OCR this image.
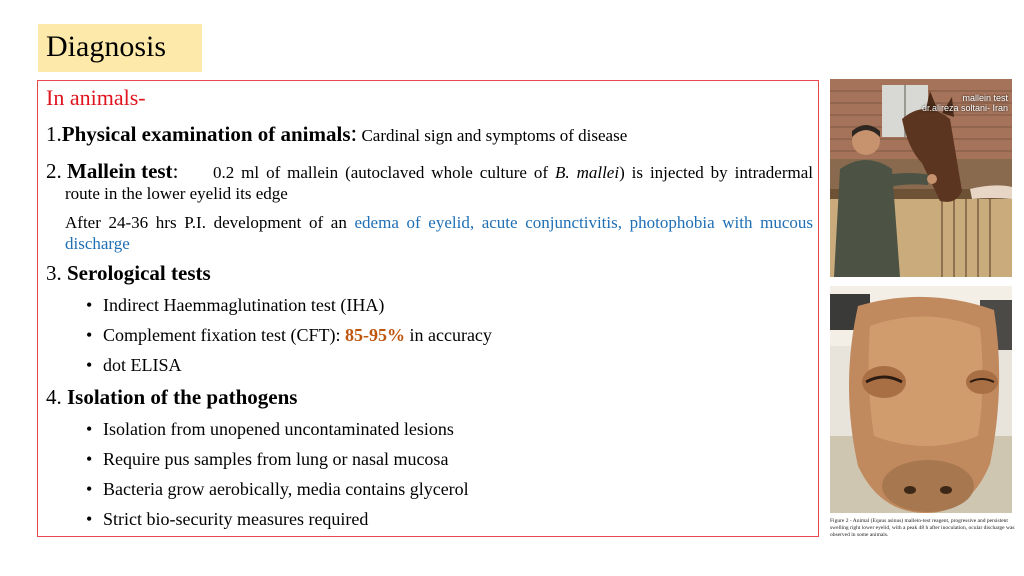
Diagnosis
In animals-
1.Physical examination of animals: Cardinal sign and symptoms of disease
2. Mallein test:	0.2 ml of mallein (autoclaved whole culture of B. mallei) is injected by intradermal route in the lower eyelid its edge
After 24-36 hrs P.I. development of an edema of eyelid, acute conjunctivitis, photophobia with mucous discharge
3. Serological tests
• Indirect Haemmaglutination test (IHA)
• Complement fixation test (CFT): 85-95% in accuracy
• dot ELISA
4. Isolation of the pathogens
• Isolation from unopened uncontaminated lesions
• Require pus samples from lung or nasal mucosa
• Bacteria grow aerobically, media contains glycerol
• Strict bio-security measures required
mallein test
dr.alireza soltani- Iran
Figure 2 - Animal (Equus asinus) mallein-test reagent, progressive and persistent swelling right lower eyelid, with a peak 48 h after inoculation, ocular discharge was observed in some animals.
